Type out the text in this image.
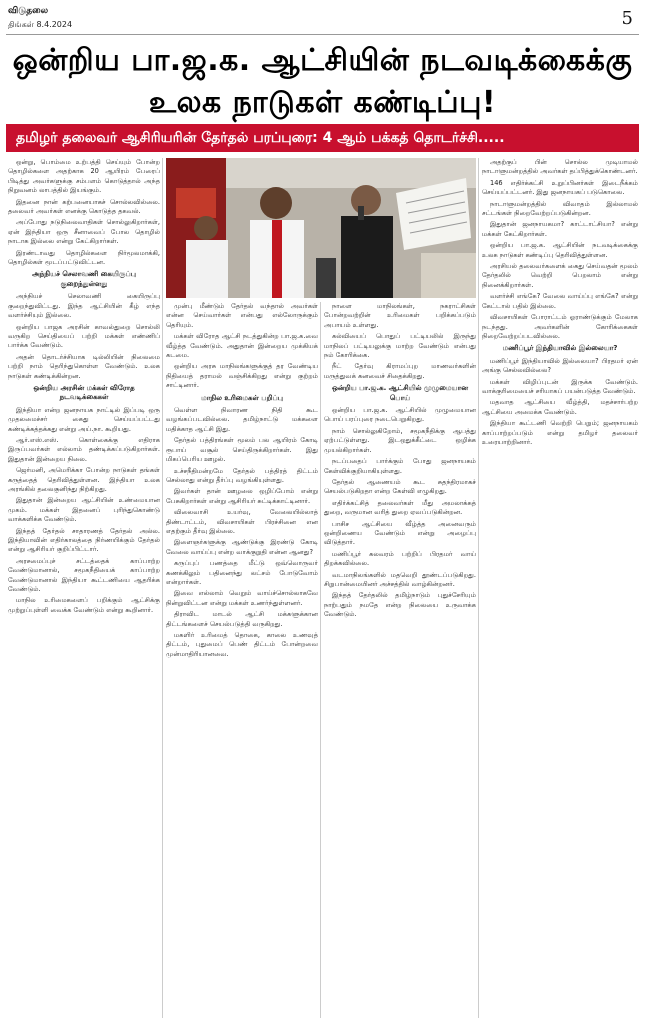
விடுதலை
திங்கள் 8.4.2024	5
ஒன்றிய பா.ஜ.க. ஆட்சியின் நடவடிக்கைக்கு
உலக நாடுகள் கண்டிப்பு!
தமிழர் தலைவர் ஆசிரியரின் தேர்தல் பரப்புரை: 4 ஆம் பக்கத் தொடர்ச்சி.....

ஒன்று, பொம்மை உற்பத்தி செய்யும் போன்ற தொழில்களை அதற்காக 20 ஆயிரம் பேரைப் பிடித்து அவர்களுக்கு சம்பளம் கொடுத்தால் அந்த நிறுவனம் லாபத்தில் இயங்கும்.

இதனை நான் கற்பனையாகச் சொல்லவில்லை. தலைவர் அவர்கள் எனக்கு கொடுத்த தகவல்.

அப்போது நடுநிலைவாதிகள் சொல்லுகிறார்கள், ஏன் இந்தியா ஒரு சீனாவைப் போல தொழில் நாடாக இல்லை என்று கேட்கிறார்கள்.

இரண்டாவது தொழில்களை நிர்மூலமாக்கி, தொழில்கள் மூடப்பட்டுவிட்டன.

அந்நியச் செலாவணி கையிருப்பு குறைந்துள்ளது

அந்நியச் செலாவணி கையிருப்பு குறைந்துவிட்டது. இந்த ஆட்சியின் கீழ் எந்த வளர்ச்சியும் இல்லை.

ஒன்றிய பாஜக அரசின் காவல்துறை சொல்லி வருகிற செய்தியைப் பற்றி மக்கள் எண்ணிப் பார்க்க வேண்டும்.

அதன் தொடர்ச்சியாக டில்லியின் நிலைமை பற்றி நாம் தெரிந்துகொள்ள வேண்டும். உலக நாடுகள் கண்டிக்கின்றன.

ஒன்றிய அரசின் மக்கள் விரோத நடவடிக்கைகள்

இந்தியா என்ற ஜனநாயக நாட்டில் இப்படி ஒரு முதலமைச்சர் கைது செய்யப்பட்டது கண்டிக்கத்தக்கது என்று அய்.நா. கூறியது.

ஆர்.எஸ்.எஸ். கொள்கைக்கு எதிராக இருப்பவர்கள் எல்லாம் தண்டிக்கப்படுகிறார்கள். இதுதான் இன்றைய நிலை.

ஜெர்மனி, அமெரிக்கா போன்ற நாடுகள் தங்கள் கருத்தைத் தெரிவித்துள்ளன. இந்தியா உலக அரங்கில் தலைகுனிந்து நிற்கிறது.

இதுதான் இன்றைய ஆட்சியின் உண்மையான முகம். மக்கள் இதனைப் புரிந்துகொண்டு வாக்களிக்க வேண்டும்.

இந்தத் தேர்தல் சாதாரணத் தேர்தல் அல்ல. இந்தியாவின் எதிர்காலத்தை நிர்ணயிக்கும் தேர்தல் என்று ஆசிரியர் குறிப்பிட்டார்.

அரசமைப்புச் சட்டத்தைக் காப்பாற்ற வேண்டுமானால், சமூகநீதியைக் காப்பாற்ற வேண்டுமானால் இந்தியா கூட்டணியை ஆதரிக்க வேண்டும்.

மாநில உரிமைகளைப் பறிக்கும் ஆட்சிக்கு முற்றுப்புள்ளி வைக்க வேண்டும் என்று கூறினார்.

முன்பு மீண்டும் தேர்தல் வந்தால் அவர்கள் என்ன செய்வார்கள் என்பது எல்லோருக்கும் தெரியும்.

மக்கள் விரோத ஆட்சி நடத்துகின்ற பா.ஜ.க.வை வீழ்த்த வேண்டும். அதுதான் இன்றைய முக்கியக் கடமை.

ஒன்றிய அரசு மாநிலங்களுக்குத் தர வேண்டிய நிதியைத் தராமல் வஞ்சிக்கிறது என்று குற்றம் சாட்டினார்.

மாநில உரிமைகள் பறிப்பு

வெள்ள நிவாரண நிதி கூட வழங்கப்படவில்லை. தமிழ்நாட்டு மக்களை மதிக்காத ஆட்சி இது.

தேர்தல் பத்திரங்கள் மூலம் பல ஆயிரம் கோடி ரூபாய் வசூல் செய்திருக்கிறார்கள். இது மிகப்பெரிய ஊழல்.

உச்சநீதிமன்றமே தேர்தல் பத்திரத் திட்டம் செல்லாது என்று தீர்ப்பு வழங்கியுள்ளது.

இவர்கள் தான் ஊழலை ஒழிப்போம் என்று பேசுகிறார்கள் என்று ஆசிரியர் சுட்டிக்காட்டினார்.

விலைவாசி உயர்வு, வேலையில்லாத் திண்டாட்டம், விவசாயிகள் பிரச்சினை என எதற்கும் தீர்வு இல்லை.

இளைஞர்களுக்கு ஆண்டுக்கு இரண்டு கோடி வேலை வாய்ப்பு என்ற வாக்குறுதி என்ன ஆனது?

கருப்புப் பணத்தை மீட்டு ஒவ்வொருவர் கணக்கிலும் பதினைந்து லட்சம் போடுவோம் என்றார்கள்.

இவை எல்லாம் வெறும் வாய்ச்சொல்லாகவே நின்றுவிட்டன என்று மக்கள் உணர்ந்துள்ளனர்.

திராவிட மாடல் ஆட்சி மக்களுக்கான திட்டங்களைச் செயல்படுத்தி வருகிறது.

மகளிர் உரிமைத் தொகை, காலை உணவுத் திட்டம், புதுமைப் பெண் திட்டம் போன்றவை முன்மாதிரியானவை.

நாளை மாநிலங்கள், நகராட்சிகள் போன்றவற்றின் உரிமைகள் பறிக்கப்படும் அபாயம் உள்ளது.

கல்வியைப் பொதுப் பட்டியலில் இருந்து மாநிலப் பட்டியலுக்கு மாற்ற வேண்டும் என்பது நம் கோரிக்கை.

நீட் தேர்வு கிராமப்புற மாணவர்களின் மருத்துவக் கனவைச் சிதைக்கிறது.

ஒன்றிய பா.ஜ.க. ஆட்சியில் முழுமையான பொய்

ஒன்றிய பா.ஜ.க. ஆட்சியில் முழுமையான பொய் பரப்புரை நடைபெறுகிறது.

நாம் சொல்லுகிறோம், சமூகநீதிக்கு ஆபத்து ஏற்பட்டுள்ளது. இடஒதுக்கீட்டை ஒழிக்க முயல்கிறார்கள்.

நடப்பதைப் பார்க்கும் போது ஜனநாயகம் கேள்விக்குறியாகியுள்ளது.

தேர்தல் ஆணையம் கூட சுதந்திரமாகச் செயல்படுகிறதா என்ற கேள்வி எழுகிறது.

எதிர்க்கட்சித் தலைவர்கள் மீது அமலாக்கத் துறை, வருமான வரித் துறை ஏவப்படுகின்றன.

பாசிச ஆட்சியை வீழ்த்த அனைவரும் ஒன்றிணைய வேண்டும் என்று அழைப்பு விடுத்தார்.

மணிப்பூர் கலவரம் பற்றிப் பிரதமர் வாய் திறக்கவில்லை.

வடமாநிலங்களில் மதவெறி தூண்டப்படுகிறது. சிறுபான்மையினர் அச்சத்தில் வாழ்கின்றனர்.

இந்தத் தேர்தலில் தமிழ்நாடும் புதுச்சேரியும் நாற்பதும் நமதே என்ற நிலையை உருவாக்க வேண்டும்.

அதற்குப் பின் சொல்ல முடியாமல் நாடாளுமன்றத்தில் அவர்கள் தப்பித்துக்கொண்டனர்.

146 எதிர்க்கட்சி உறுப்பினர்கள் இடைநீக்கம் செய்யப்பட்டனர். இது ஜனநாயகப் படுகொலை.

நாடாளுமன்றத்தில் விவாதம் இல்லாமல் சட்டங்கள் நிறைவேற்றப்படுகின்றன.

இதுதான் ஜனநாயகமா? காட்டாட்சியா? என்று மக்கள் கேட்கிறார்கள்.

ஒன்றிய பா.ஜ.க. ஆட்சியின் நடவடிக்கைக்கு உலக நாடுகள் கண்டிப்பு தெரிவித்துள்ளன.

அரசியல் தலைவர்களைக் கைது செய்வதன் மூலம் தேர்தலில் வெற்றி பெறலாம் என்று நினைக்கிறார்கள்.

வளர்ச்சி எங்கே? வேலை வாய்ப்பு எங்கே? என்று கேட்டால் பதில் இல்லை.

விவசாயிகள் போராட்டம் ஓராண்டுக்கும் மேலாக நடந்தது. அவர்களின் கோரிக்கைகள் நிறைவேற்றப்படவில்லை.

மணிப்பூர் இந்தியாவில் இல்லையா?

மணிப்பூர் இந்தியாவில் இல்லையா? பிரதமர் ஏன் அங்கு செல்லவில்லை?

மக்கள் விழிப்புடன் இருக்க வேண்டும். வாக்குரிமையைச் சரியாகப் பயன்படுத்த வேண்டும்.

மதவாத ஆட்சியை வீழ்த்தி, மதச்சார்பற்ற ஆட்சியை அமைக்க வேண்டும்.

இந்தியா கூட்டணி வெற்றி பெறும்; ஜனநாயகம் காப்பாற்றப்படும் என்று தமிழர் தலைவர் உரையாற்றினார்.
